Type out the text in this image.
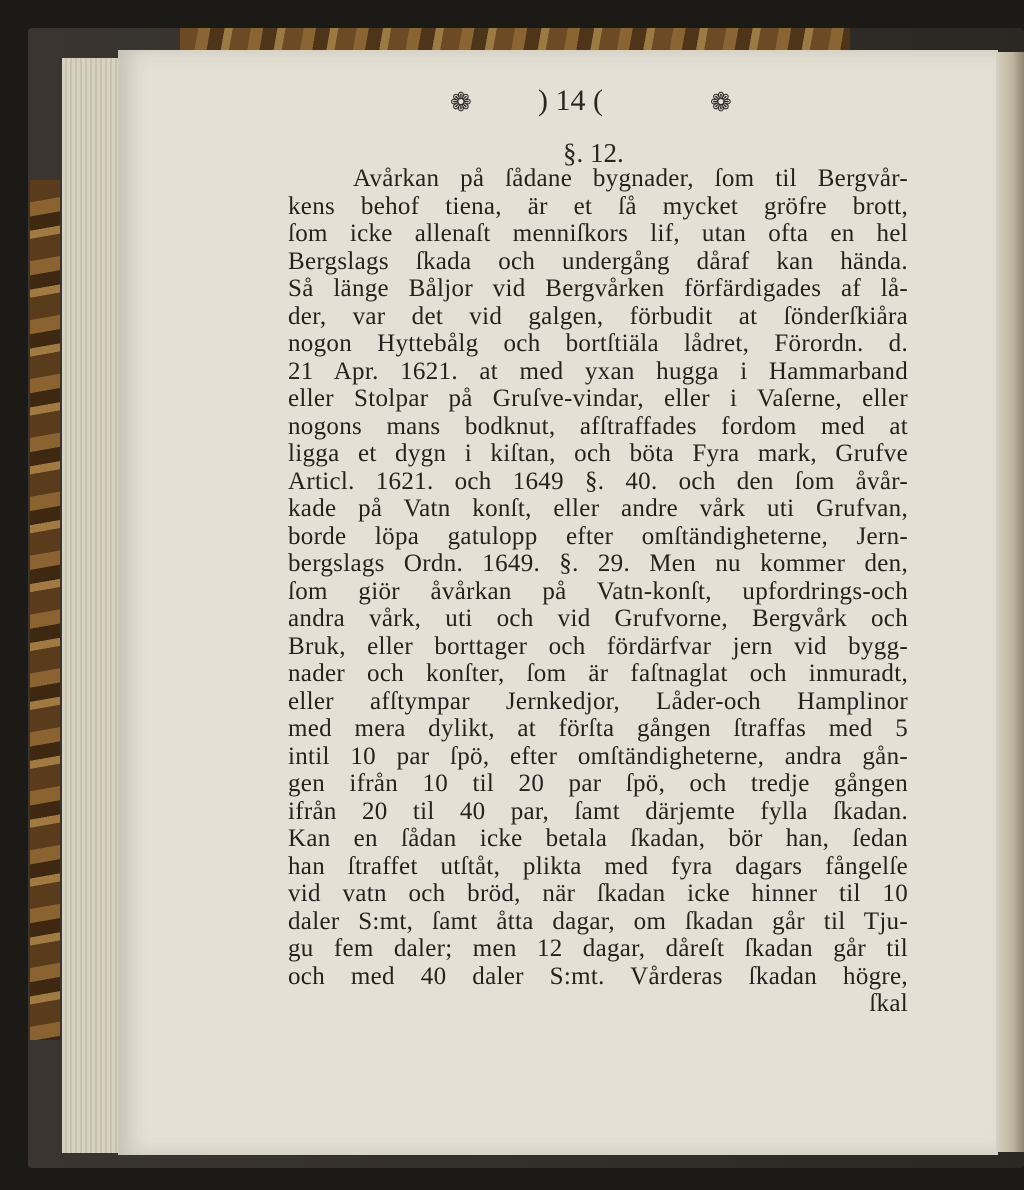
❁ ) 14 (	❁
§. 12.
Avårkan på ſådane bygnader, ſom til Bergvår-
kens behof tiena, är et ſå mycket gröfre brott,
ſom icke allenaſt menniſkors lif, utan ofta en hel
Bergslags ſkada och undergång dåraf kan hända.
Så länge Båljor vid Bergvårken förfärdigades af lå-
der, var det vid galgen, förbudit at ſönderſkiåra
nogon Hyttebålg och bortſtiäla lådret, Förordn. d.
21 Apr. 1621. at med yxan hugga i Hammarband
eller Stolpar på Gruſve-vindar, eller i Vaſerne, eller
nogons mans bodknut, afſtraffades fordom med at
ligga et dygn i kiſtan, och böta Fyra mark, Grufve
Articl. 1621. och 1649 §. 40. och den ſom åvår-
kade på Vatn konſt, eller andre vårk uti Grufvan,
borde löpa gatulopp efter omſtändigheterne, Jern-
bergslags Ordn. 1649. §. 29. Men nu kommer den,
ſom giör åvårkan på Vatn-konſt, upfordrings-och
andra vårk, uti och vid Grufvorne, Bergvårk och
Bruk, eller borttager och fördärfvar jern vid bygg-
nader och konſter, ſom är faſtnaglat och inmuradt,
eller afſtympar Jernkedjor, Låder-och Hamplinor
med mera dylikt, at förſta gången ſtraffas med 5
intil 10 par ſpö, efter omſtändigheterne, andra gån-
gen ifrån 10 til 20 par ſpö, och tredje gången
ifrån 20 til 40 par, ſamt därjemte fylla ſkadan.
Kan en ſådan icke betala ſkadan, bör han, ſedan
han ſtraffet utſtåt, plikta med fyra dagars fångelſe
vid vatn och bröd, när ſkadan icke hinner til 10
daler S:mt, ſamt åtta dagar, om ſkadan går til Tju-
gu fem daler; men 12 dagar, dåreſt ſkadan går til
och med 40 daler S:mt. Vårderas ſkadan högre,
ſkal
